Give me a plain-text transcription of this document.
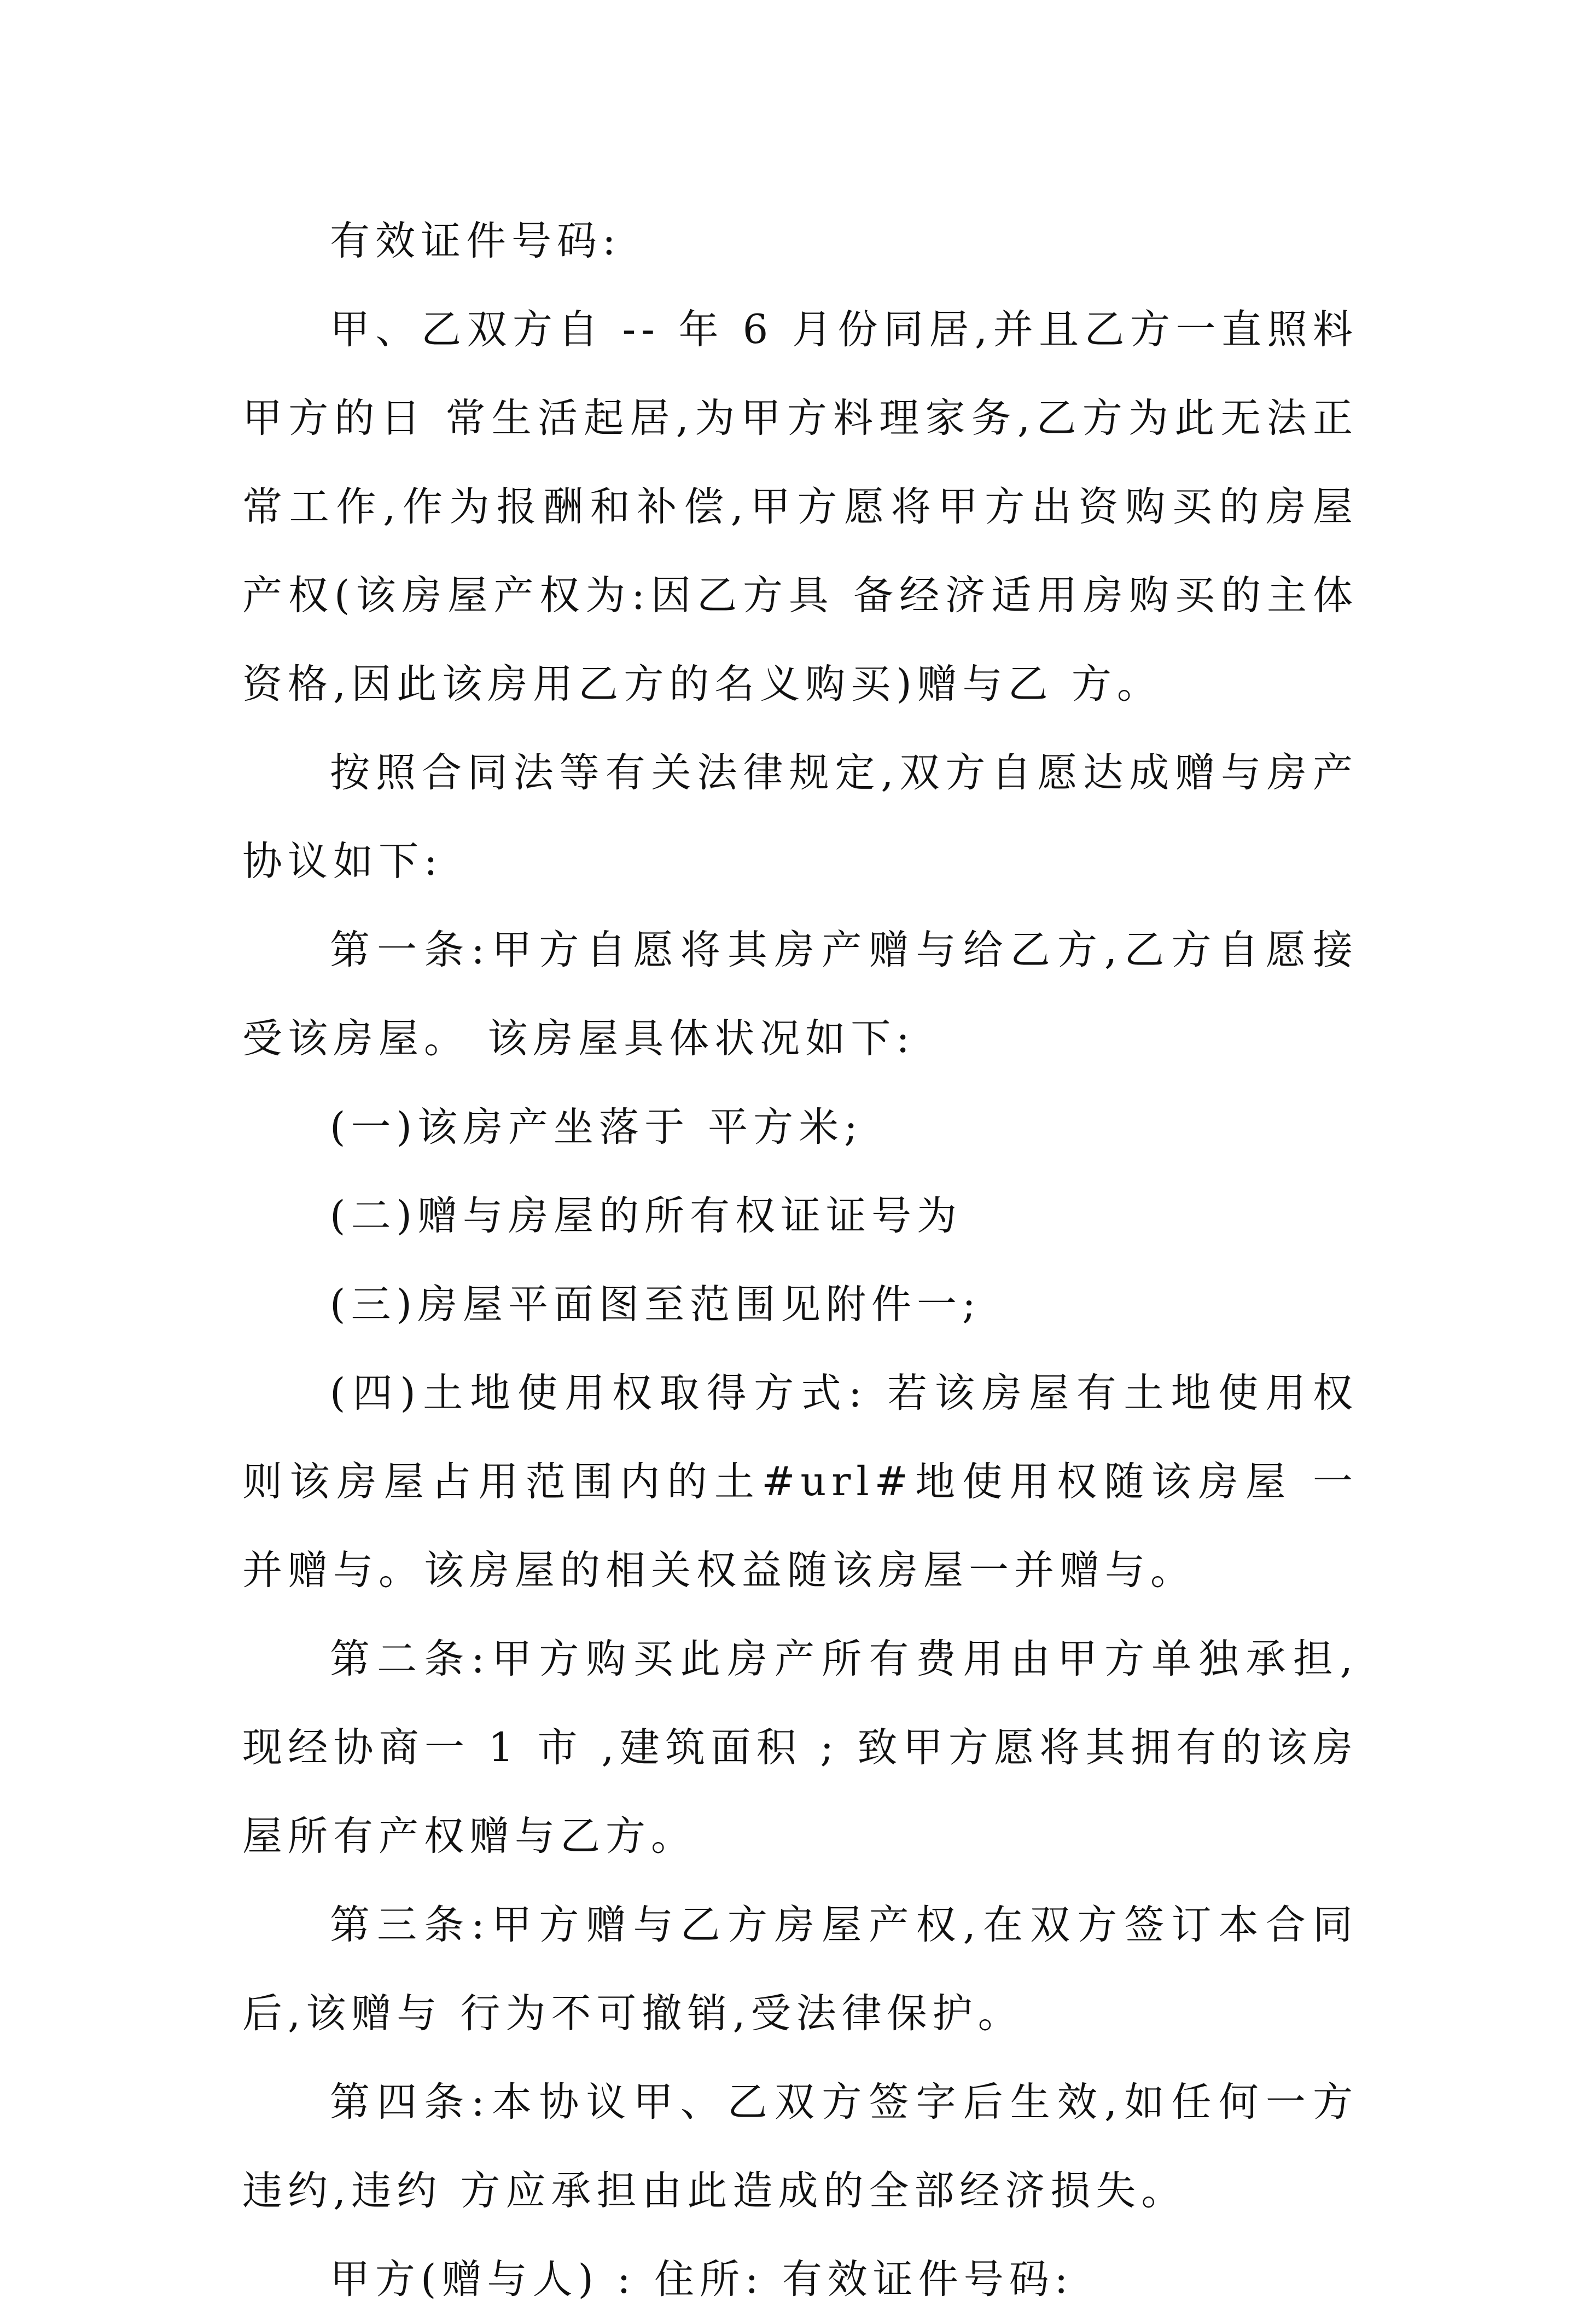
有效证件号码:

甲、乙双方自 -- 年 6 月份同居,并且乙方一直照料甲方的日 常生活起居,为甲方料理家务,乙方为此无法正常工作,作为报酬和补偿,甲方愿将甲方出资购买的房屋产权(该房屋产权为:因乙方具 备经济适用房购买的主体资格,因此该房用乙方的名义购买)赠与乙 方。

按照合同法等有关法律规定,双方自愿达成赠与房产协议如下:

第一条:甲方自愿将其房产赠与给乙方,乙方自愿接受该房屋。 该房屋具体状况如下:

(一)该房产坐落于 平方米;

(二)赠与房屋的所有权证证号为

(三)房屋平面图至范围见附件一;

(四)土地使用权取得方式: 若该房屋有土地使用权则该房屋占用范围内的土#url#地使用权随该房屋 一并赠与。该房屋的相关权益随该房屋一并赠与。

第二条:甲方购买此房产所有费用由甲方单独承担,现经协商一 1 市 ,建筑面积 ; 致甲方愿将其拥有的该房屋所有产权赠与乙方。

第三条:甲方赠与乙方房屋产权,在双方签订本合同后,该赠与 行为不可撤销,受法律保护。

第四条:本协议甲、乙双方签字后生效,如任何一方违约,违约 方应承担由此造成的全部经济损失。

甲方(赠与人) : 住所: 有效证件号码:
